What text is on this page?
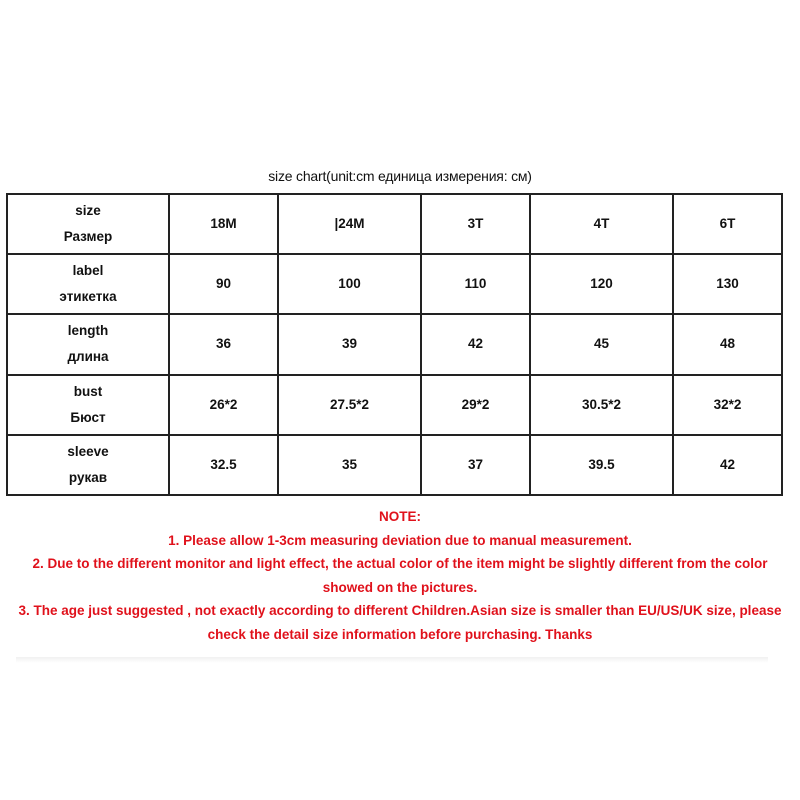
size chart(unit:cm единица измерения: см)
size
Размер	18M	|24M	3T	4T	6T

label
этикетка	90	100	110	120	130

length
длина	36	39	42	45	48

bust
Бюст	26*2	27.5*2	29*2	30.5*2	32*2

sleeve
рукав	32.5	35	37	39.5	42
NOTE:
1. Please allow 1-3cm measuring deviation due to manual measurement.
2. Due to the different monitor and light effect, the actual color of the item might be slightly different from the color showed on the pictures.
3. The age just suggested , not exactly according to different Children.Asian size is smaller than EU/US/UK size, please check the detail size information before purchasing. Thanks
